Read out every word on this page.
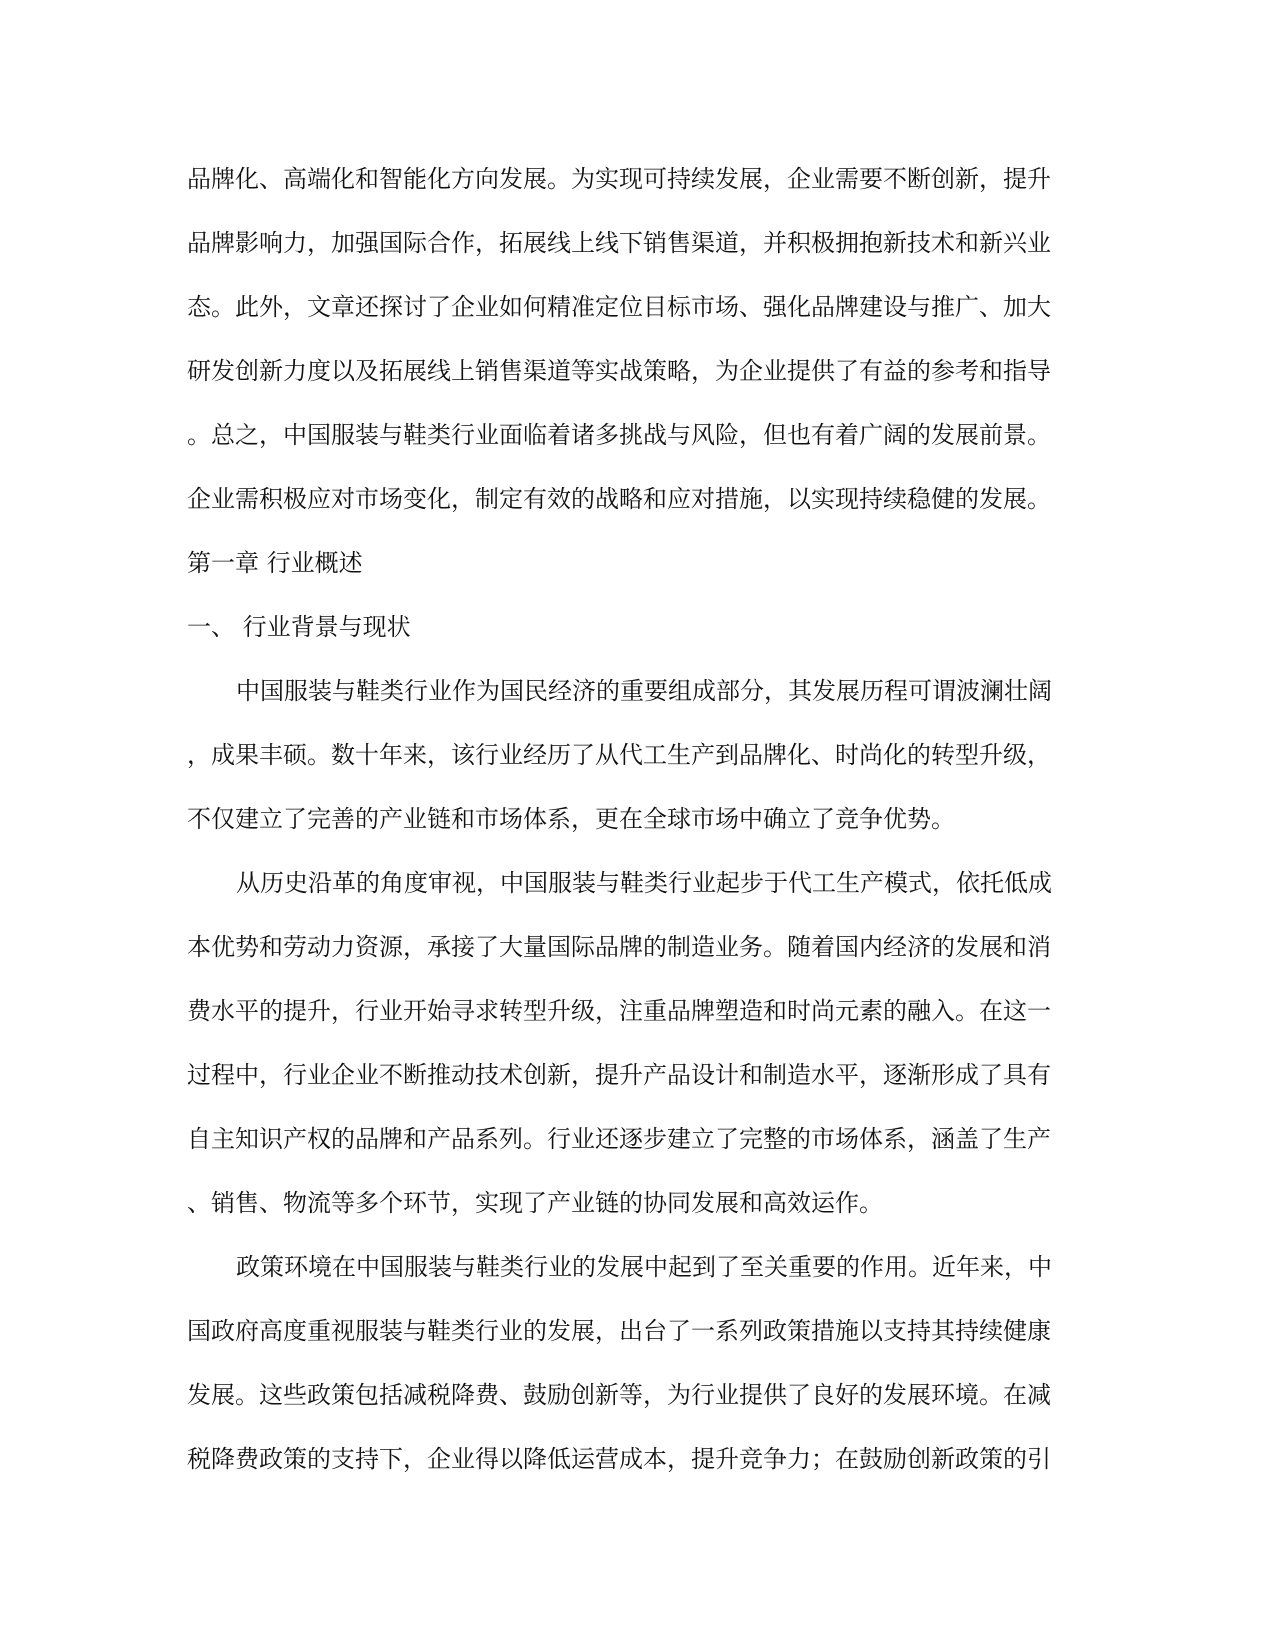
品牌化、高端化和智能化方向发展。为实现可持续发展，企业需要不断创新，提升
品牌影响力，加强国际合作，拓展线上线下销售渠道，并积极拥抱新技术和新兴业
态。此外，文章还探讨了企业如何精准定位目标市场、强化品牌建设与推广、加大
研发创新力度以及拓展线上销售渠道等实战策略，为企业提供了有益的参考和指导
。总之，中国服装与鞋类行业面临着诸多挑战与风险，但也有着广阔的发展前景。
企业需积极应对市场变化，制定有效的战略和应对措施，以实现持续稳健的发展。
第一章 行业概述
一、 行业背景与现状
中国服装与鞋类行业作为国民经济的重要组成部分，其发展历程可谓波澜壮阔
，成果丰硕。数十年来，该行业经历了从代工生产到品牌化、时尚化的转型升级，
不仅建立了完善的产业链和市场体系，更在全球市场中确立了竞争优势。
从历史沿革的角度审视，中国服装与鞋类行业起步于代工生产模式，依托低成
本优势和劳动力资源，承接了大量国际品牌的制造业务。随着国内经济的发展和消
费水平的提升，行业开始寻求转型升级，注重品牌塑造和时尚元素的融入。在这一
过程中，行业企业不断推动技术创新，提升产品设计和制造水平，逐渐形成了具有
自主知识产权的品牌和产品系列。行业还逐步建立了完整的市场体系，涵盖了生产
、销售、物流等多个环节，实现了产业链的协同发展和高效运作。
政策环境在中国服装与鞋类行业的发展中起到了至关重要的作用。近年来，中
国政府高度重视服装与鞋类行业的发展，出台了一系列政策措施以支持其持续健康
发展。这些政策包括减税降费、鼓励创新等，为行业提供了良好的发展环境。在减
税降费政策的支持下，企业得以降低运营成本，提升竞争力；在鼓励创新政策的引
